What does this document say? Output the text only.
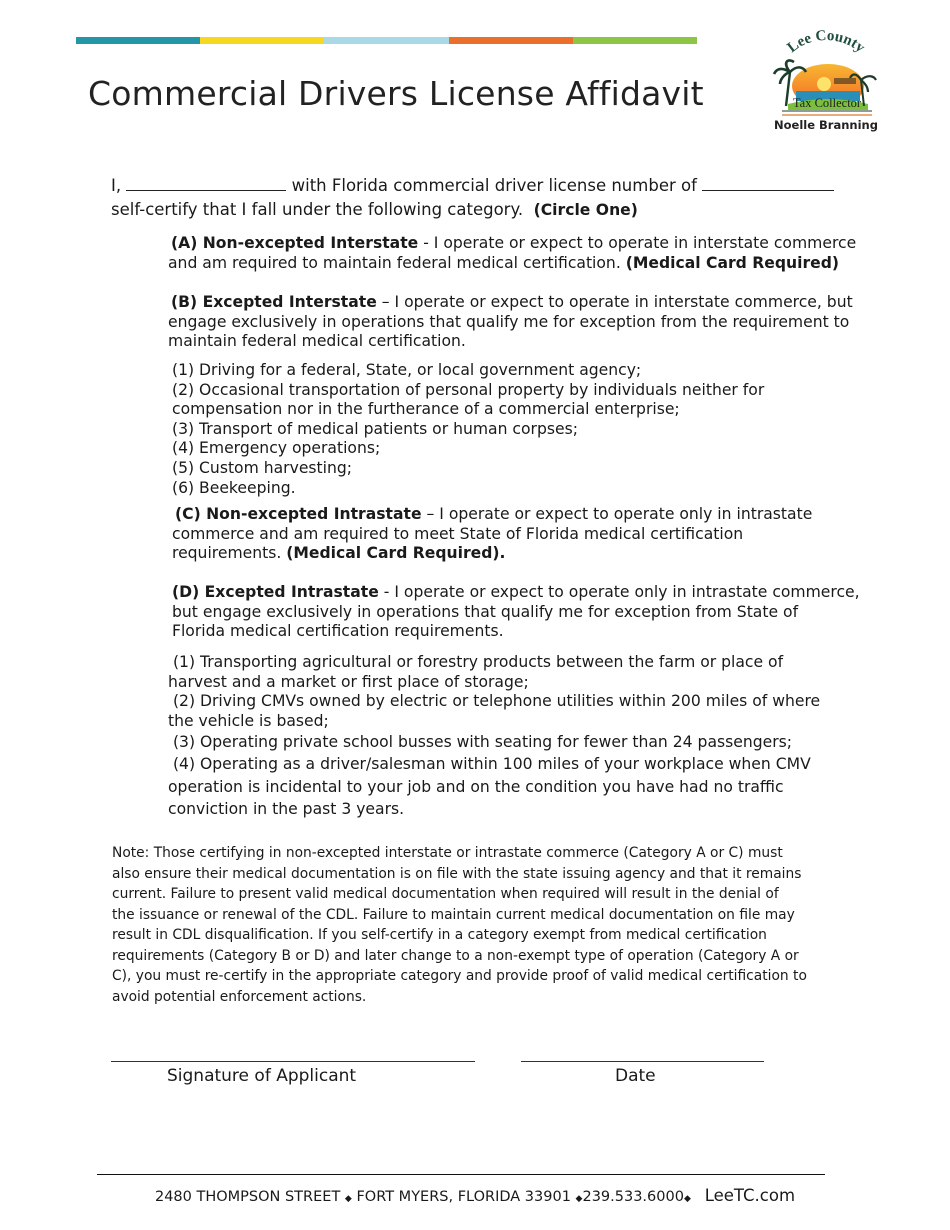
Commercial Drivers License Affidavit
Lee County
Tax Collector
Noelle Branning
I,	with Florida commercial driver license number of
self-certify that I fall under the following category. (Circle One)
(A) Non-excepted Interstate - I operate or expect to operate in interstate commerce
and am required to maintain federal medical certification. (Medical Card Required)
(B) Excepted Interstate – I operate or expect to operate in interstate commerce, but
engage exclusively in operations that qualify me for exception from the requirement to
maintain federal medical certification.
(1) Driving for a federal, State, or local government agency;
(2) Occasional transportation of personal property by individuals neither for
compensation nor in the furtherance of a commercial enterprise;
(3) Transport of medical patients or human corpses;
(4) Emergency operations;
(5) Custom harvesting;
(6) Beekeeping.
(C) Non-excepted Intrastate – I operate or expect to operate only in intrastate
commerce and am required to meet State of Florida medical certification
requirements. (Medical Card Required).
(D) Excepted Intrastate - I operate or expect to operate only in intrastate commerce,
but engage exclusively in operations that qualify me for exception from State of
Florida medical certification requirements.
(1) Transporting agricultural or forestry products between the farm or place of
harvest and a market or first place of storage;
(2) Driving CMVs owned by electric or telephone utilities within 200 miles of where
the vehicle is based;
(3) Operating private school busses with seating for fewer than 24 passengers;
(4) Operating as a driver/salesman within 100 miles of your workplace when CMV
operation is incidental to your job and on the condition you have had no traffic
conviction in the past 3 years.
Note: Those certifying in non-excepted interstate or intrastate commerce (Category A or C) must
also ensure their medical documentation is on file with the state issuing agency and that it remains
current. Failure to present valid medical documentation when required will result in the denial of
the issuance or renewal of the CDL. Failure to maintain current medical documentation on file may
result in CDL disqualification. If you self-certify in a category exempt from medical certification
requirements (Category B or D) and later change to a non-exempt type of operation (Category A or
C), you must re-certify in the appropriate category and provide proof of valid medical certification to
avoid potential enforcement actions.
Signature of Applicant	Date
2480 THOMPSON STREET ◆ FORT MYERS, FLORIDA 33901 ◆239.533.6000◆ LeeTC.com
